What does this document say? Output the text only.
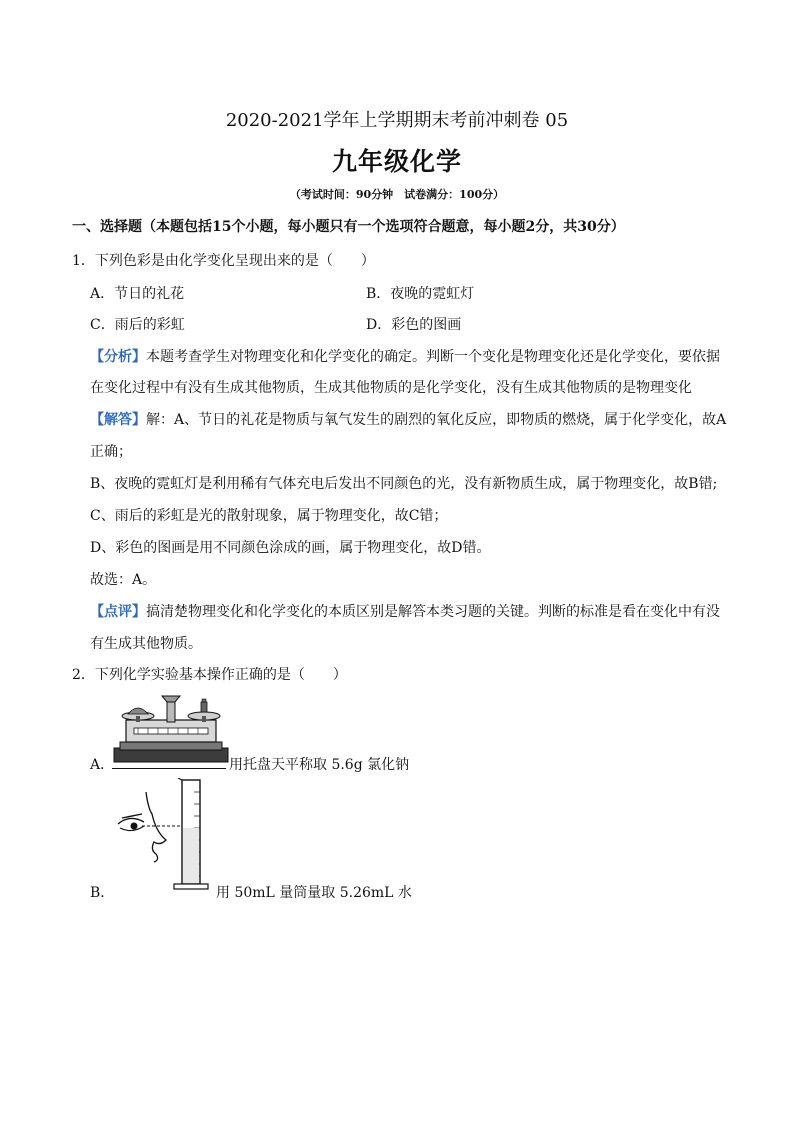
2020-2021学年上学期期末考前冲刺卷 05
九年级化学
（考试时间：90分钟　试卷满分：100分）
一、选择题（本题包括15个小题，每小题只有一个选项符合题意，每小题2分，共30分）
1．下列色彩是由化学变化呈现出来的是（　　）
A．节日的礼花	B．夜晚的霓虹灯
C．雨后的彩虹	D．彩色的图画
【分析】本题考查学生对物理变化和化学变化的确定。判断一个变化是物理变化还是化学变化，要依据
在变化过程中有没有生成其他物质，生成其他物质的是化学变化，没有生成其他物质的是物理变化
【解答】解：A、节日的礼花是物质与氧气发生的剧烈的氧化反应，即物质的燃烧，属于化学变化，故A
正确；
B、夜晚的霓虹灯是利用稀有气体充电后发出不同颜色的光，没有新物质生成，属于物理变化，故B错;
C、雨后的彩虹是光的散射现象，属于物理变化，故C错；
D、彩色的图画是用不同颜色涂成的画，属于物理变化，故D错。
故选：A。
【点评】搞清楚物理变化和化学变化的本质区别是解答本类习题的关键。判断的标准是看在变化中有没
有生成其他物质。
2．下列化学实验基本操作正确的是（　　）
A．	用托盘天平称取 5.6g 氯化钠
B．	用 50mL 量筒量取 5.26mL 水
